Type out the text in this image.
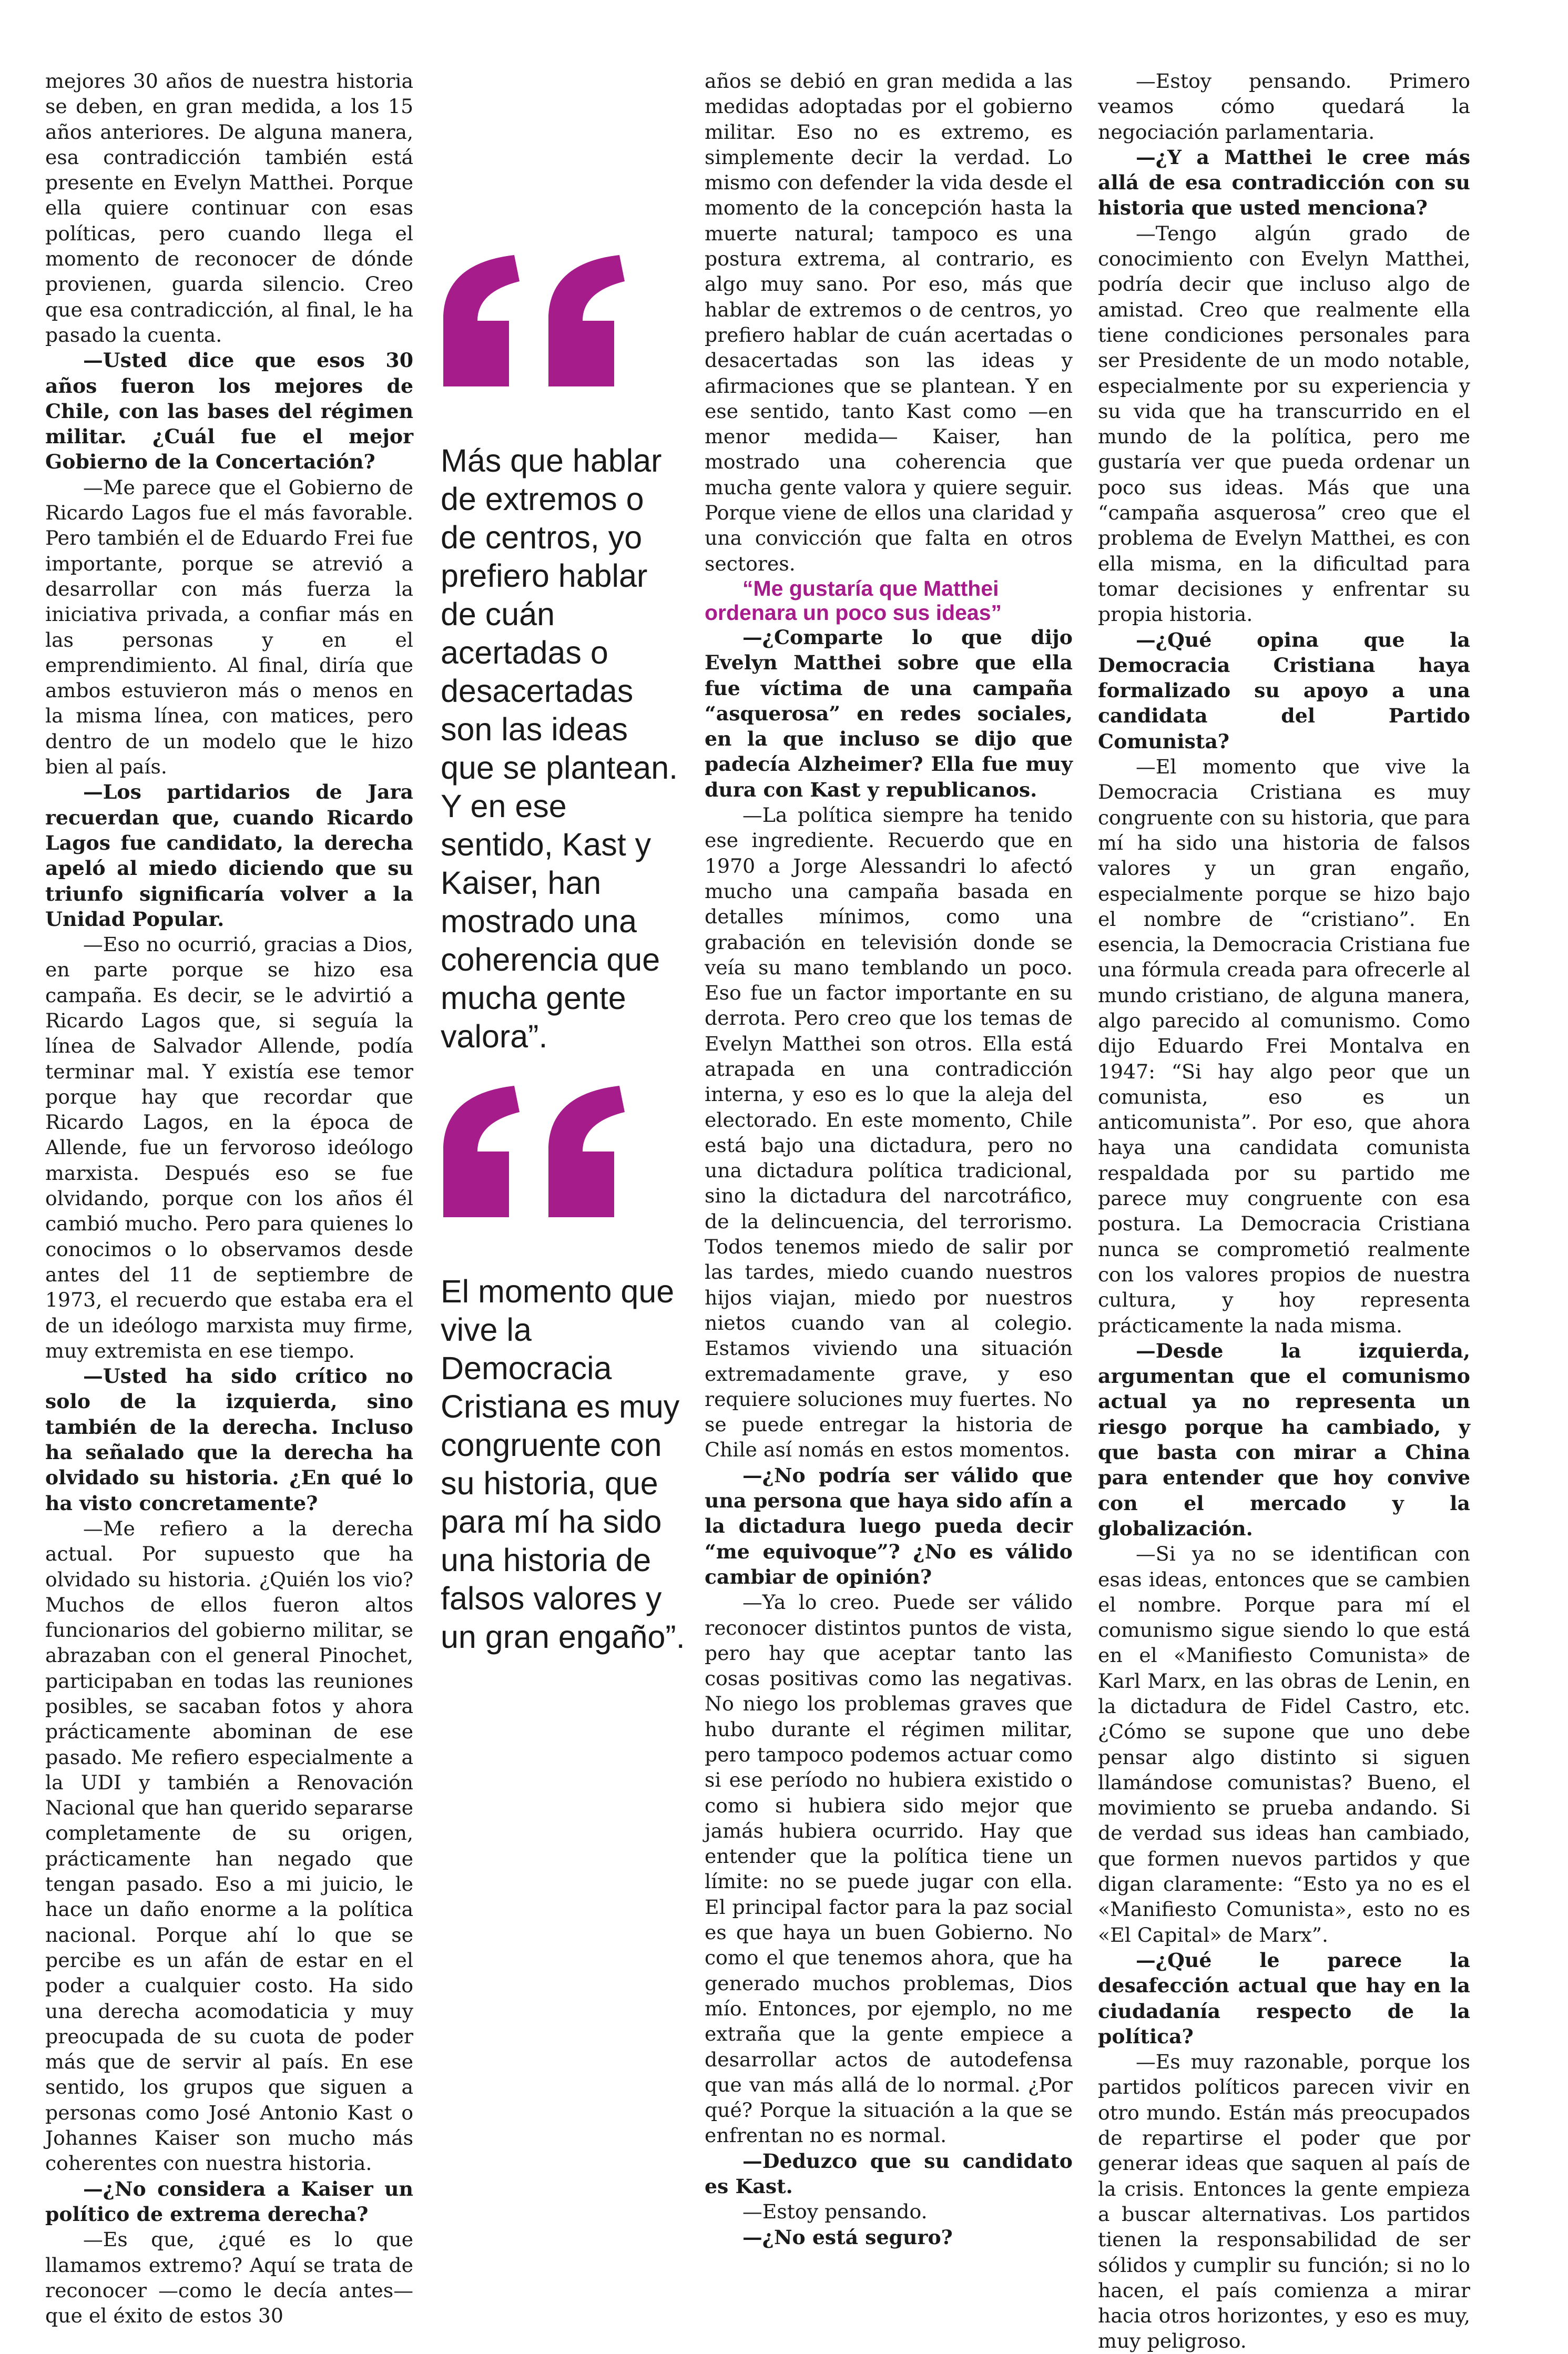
mejores 30 años de nuestra historia se deben, en gran medida, a los 15 años anteriores. De alguna manera, esa contradicción también está presente en Evelyn Matthei. Porque ella quiere continuar con esas políticas, pero cuando llega el momento de reconocer de dónde provienen, guarda silencio. Creo que esa contradicción, al final, le ha pasado la cuenta.

—Usted dice que esos 30 años fueron los mejores de Chile, con las bases del régimen militar. ¿Cuál fue el mejor Gobierno de la Concertación?

—Me parece que el Gobierno de Ricardo Lagos fue el más favorable. Pero también el de Eduardo Frei fue importante, porque se atrevió a desarrollar con más fuerza la iniciativa privada, a confiar más en las personas y en el emprendimiento. Al final, diría que ambos estuvieron más o menos en la misma línea, con matices, pero dentro de un modelo que le hizo bien al país.

—Los partidarios de Jara recuerdan que, cuando Ricardo Lagos fue candidato, la derecha apeló al miedo diciendo que su triunfo significaría volver a la Unidad Popular.

—Eso no ocurrió, gracias a Dios, en parte porque se hizo esa campaña. Es decir, se le advirtió a Ricardo Lagos que, si seguía la línea de Salvador Allende, podía terminar mal. Y existía ese temor porque hay que recordar que Ricardo Lagos, en la época de Allende, fue un fervoroso ideólogo marxista. Después eso se fue olvidando, porque con los años él cambió mucho. Pero para quienes lo conocimos o lo observamos desde antes del 11 de septiembre de 1973, el recuerdo que estaba era el de un ideólogo marxista muy firme, muy extremista en ese tiempo.

—Usted ha sido crítico no solo de la izquierda, sino también de la derecha. Incluso ha señalado que la derecha ha olvidado su historia. ¿En qué lo ha visto concretamente?

—Me refiero a la derecha actual. Por supuesto que ha olvidado su historia. ¿Quién los vio? Muchos de ellos fueron altos funcionarios del gobierno militar, se abrazaban con el general Pinochet, participaban en todas las reuniones posibles, se sacaban fotos y ahora prácticamente abominan de ese pasado. Me refiero especialmente a la UDI y también a Renovación Nacional que han querido separarse completamente de su origen, prácticamente han negado que tengan pasado. Eso a mi juicio, le hace un daño enorme a la política nacional. Porque ahí lo que se percibe es un afán de estar en el poder a cualquier costo. Ha sido una derecha acomodaticia y muy preocupada de su cuota de poder más que de servir al país. En ese sentido, los grupos que siguen a personas como José Antonio Kast o Johannes Kaiser son mucho más coherentes con nuestra historia.

—¿No considera a Kaiser un político de extrema derecha?

—Es que, ¿qué es lo que llamamos extremo? Aquí se trata de reconocer —como le decía antes— que el éxito de estos 30

Más que hablar de extremos o de centros, yo prefiero hablar de cuán acertadas o desacertadas son las ideas que se plantean. Y en ese sentido, Kast y Kaiser, han mostrado una coherencia que mucha gente valora”.
El momento que vive la Democracia Cristiana es muy congruente con su historia, que para mí ha sido una historia de falsos valores y un gran engaño”.

años se debió en gran medida a las medidas adoptadas por el gobierno militar. Eso no es extremo, es simplemente decir la verdad. Lo mismo con defender la vida desde el momento de la concepción hasta la muerte natural; tampoco es una postura extrema, al contrario, es algo muy sano. Por eso, más que hablar de extremos o de centros, yo prefiero hablar de cuán acertadas o desacertadas son las ideas y afirmaciones que se plantean. Y en ese sentido, tanto Kast como —en menor medida— Kaiser, han mostrado una coherencia que mucha gente valora y quiere seguir. Porque viene de ellos una claridad y una convicción que falta en otros sectores.

“Me gustaría que Matthei ordenara un poco sus ideas”

—¿Comparte lo que dijo Evelyn Matthei sobre que ella fue víctima de una campaña “asquerosa” en redes sociales, en la que incluso se dijo que padecía Alzheimer? Ella fue muy dura con Kast y republicanos.

—La política siempre ha tenido ese ingrediente. Recuerdo que en 1970 a Jorge Alessandri lo afectó mucho una campaña basada en detalles mínimos, como una grabación en televisión donde se veía su mano temblando un poco. Eso fue un factor importante en su derrota. Pero creo que los temas de Evelyn Matthei son otros. Ella está atrapada en una contradicción interna, y eso es lo que la aleja del electorado. En este momento, Chile está bajo una dictadura, pero no una dictadura política tradicional, sino la dictadura del narcotráfico, de la delincuencia, del terrorismo. Todos tenemos miedo de salir por las tardes, miedo cuando nuestros hijos viajan, miedo por nuestros nietos cuando van al colegio. Estamos viviendo una situación extremadamente grave, y eso requiere soluciones muy fuertes. No se puede entregar la historia de Chile así nomás en estos momentos.

—¿No podría ser válido que una persona que haya sido afín a la dictadura luego pueda decir “me equivoque”? ¿No es válido cambiar de opinión?

—Ya lo creo. Puede ser válido reconocer distintos puntos de vista, pero hay que aceptar tanto las cosas positivas como las negativas. No niego los problemas graves que hubo durante el régimen militar, pero tampoco podemos actuar como si ese período no hubiera existido o como si hubiera sido mejor que jamás hubiera ocurrido. Hay que entender que la política tiene un límite: no se puede jugar con ella. El principal factor para la paz social es que haya un buen Gobierno. No como el que tenemos ahora, que ha generado muchos problemas, Dios mío. Entonces, por ejemplo, no me extraña que la gente empiece a desarrollar actos de autodefensa que van más allá de lo normal. ¿Por qué? Porque la situación a la que se enfrentan no es normal.

—Deduzco que su candidato es Kast.

—Estoy pensando.

—¿No está seguro?

—Estoy pensando. Primero veamos cómo quedará la negociación parlamentaria.

—¿Y a Matthei le cree más allá de esa contradicción con su historia que usted menciona?

—Tengo algún grado de conocimiento con Evelyn Matthei, podría decir que incluso algo de amistad. Creo que realmente ella tiene condiciones personales para ser Presidente de un modo notable, especialmente por su experiencia y su vida que ha transcurrido en el mundo de la política, pero me gustaría ver que pueda ordenar un poco sus ideas. Más que una “campaña asquerosa” creo que el problema de Evelyn Matthei, es con ella misma, en la dificultad para tomar decisiones y enfrentar su propia historia.

—¿Qué opina que la Democracia Cristiana haya formalizado su apoyo a una candidata del Partido Comunista?

—El momento que vive la Democracia Cristiana es muy congruente con su historia, que para mí ha sido una historia de falsos valores y un gran engaño, especialmente porque se hizo bajo el nombre de “cristiano”. En esencia, la Democracia Cristiana fue una fórmula creada para ofrecerle al mundo cristiano, de alguna manera, algo parecido al comunismo. Como dijo Eduardo Frei Montalva en 1947: “Si hay algo peor que un comunista, eso es un anticomunista”. Por eso, que ahora haya una candidata comunista respaldada por su partido me parece muy congruente con esa postura. La Democracia Cristiana nunca se comprometió realmente con los valores propios de nuestra cultura, y hoy representa prácticamente la nada misma.

—Desde la izquierda, argumentan que el comunismo actual ya no representa un riesgo porque ha cambiado, y que basta con mirar a China para entender que hoy convive con el mercado y la globalización.

—Si ya no se identifican con esas ideas, entonces que se cambien el nombre. Porque para mí el comunismo sigue siendo lo que está en el «Manifiesto Comunista» de Karl Marx, en las obras de Lenin, en la dictadura de Fidel Castro, etc. ¿Cómo se supone que uno debe pensar algo distinto si siguen llamándose comunistas? Bueno, el movimiento se prueba andando. Si de verdad sus ideas han cambiado, que formen nuevos partidos y que digan claramente: “Esto ya no es el «Manifiesto Comunista», esto no es «El Capital» de Marx”.

—¿Qué le parece la desafección actual que hay en la ciudadanía respecto de la política?

—Es muy razonable, porque los partidos políticos parecen vivir en otro mundo. Están más preocupados de repartirse el poder que por generar ideas que saquen al país de la crisis. Entonces la gente empieza a buscar alternativas. Los partidos tienen la responsabilidad de ser sólidos y cumplir su función; si no lo hacen, el país comienza a mirar hacia otros horizontes, y eso es muy, muy peligroso.
